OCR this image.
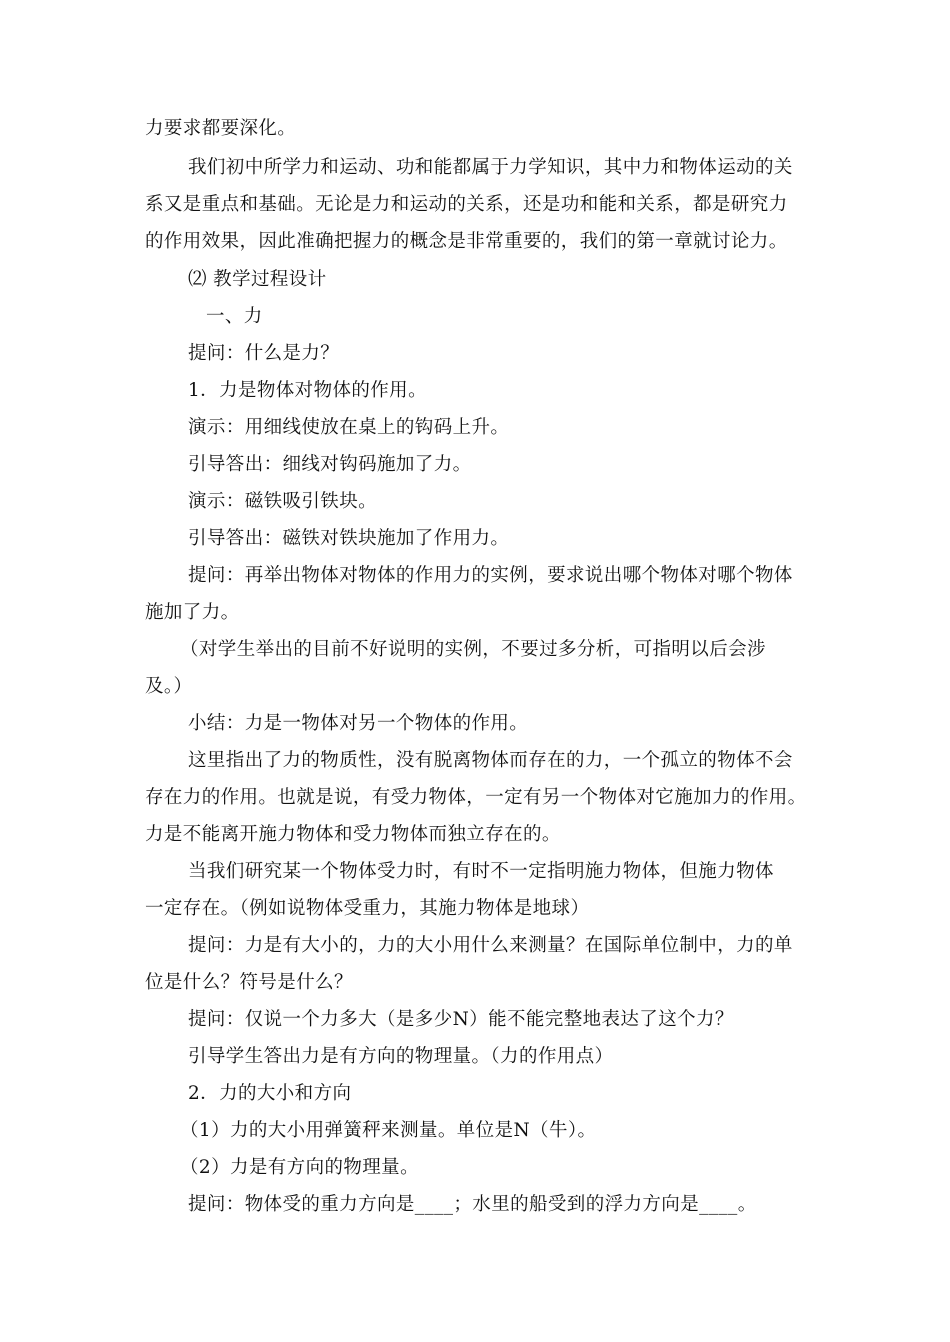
力要求都要深化。
我们初中所学力和运动、功和能都属于力学知识，其中力和物体运动的关
系又是重点和基础。无论是力和运动的关系，还是功和能和关系，都是研究力
的作用效果，因此准确把握力的概念是非常重要的，我们的第一章就讨论力。
⑵ 教学过程设计
一、力
提问：什么是力？
1．力是物体对物体的作用。
演示：用细线使放在桌上的钩码上升。
引导答出：细线对钩码施加了力。
演示：磁铁吸引铁块。
引导答出：磁铁对铁块施加了作用力。
提问：再举出物体对物体的作用力的实例，要求说出哪个物体对哪个物体
施加了力。
（对学生举出的目前不好说明的实例，不要过多分析，可指明以后会涉
及。）
小结：力是一物体对另一个物体的作用。
这里指出了力的物质性，没有脱离物体而存在的力，一个孤立的物体不会
存在力的作用。也就是说，有受力物体，一定有另一个物体对它施加力的作用。
力是不能离开施力物体和受力物体而独立存在的。
当我们研究某一个物体受力时，有时不一定指明施力物体，但施力物体
一定存在。（例如说物体受重力，其施力物体是地球）
提问：力是有大小的，力的大小用什么来测量？在国际单位制中，力的单
位是什么？符号是什么？
提问：仅说一个力多大（是多少N）能不能完整地表达了这个力？
引导学生答出力是有方向的物理量。（力的作用点）
2．力的大小和方向
（1）力的大小用弹簧秤来测量。单位是N（牛）。
（2）力是有方向的物理量。
提问：物体受的重力方向是____；水里的船受到的浮力方向是____。
